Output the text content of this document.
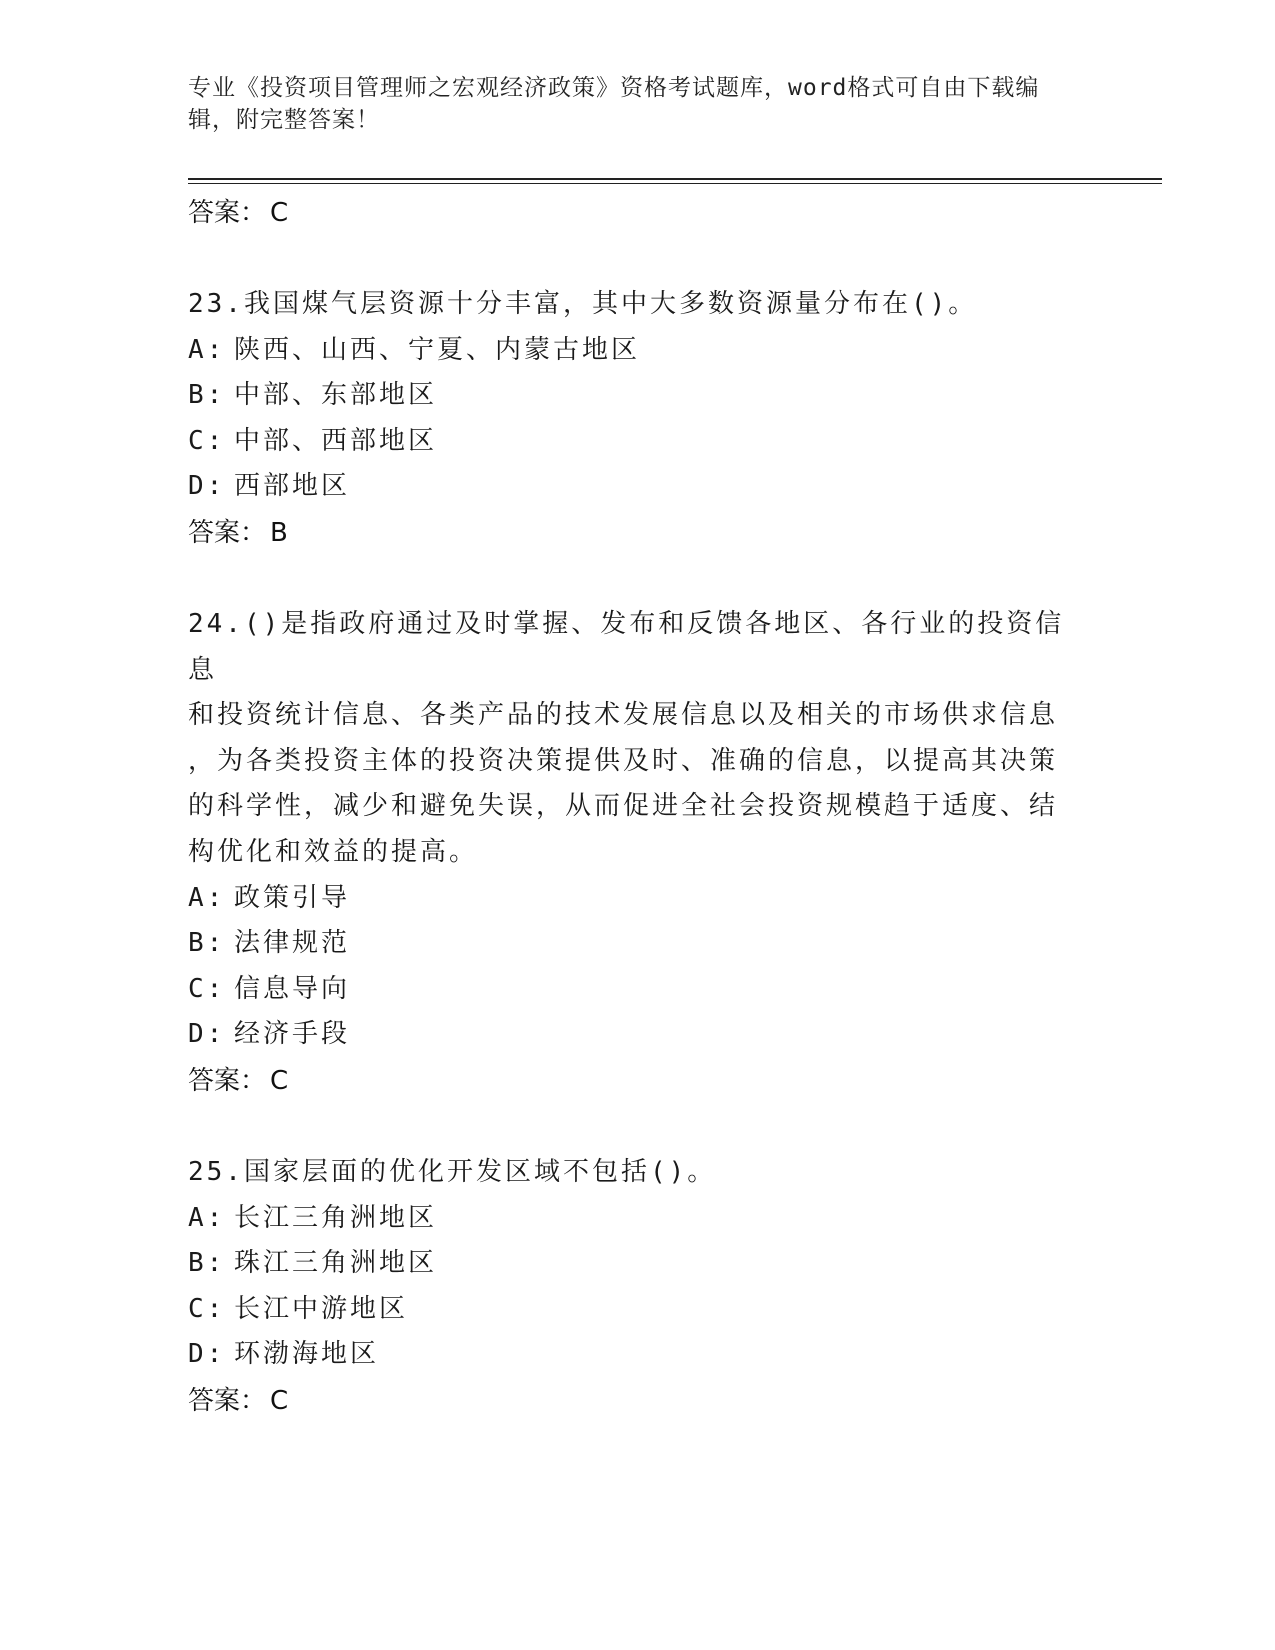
专业《投资项目管理师之宏观经济政策》资格考试题库，word格式可自由下载编
辑，附完整答案！
答案： C
23.我国煤气层资源十分丰富，其中大多数资源量分布在()。
A: 陕西、山西、宁夏、内蒙古地区
B: 中部、东部地区
C: 中部、西部地区
D: 西部地区
答案： B
24.()是指政府通过及时掌握、发布和反馈各地区、各行业的投资信息
和投资统计信息、各类产品的技术发展信息以及相关的市场供求信息
，为各类投资主体的投资决策提供及时、准确的信息，以提高其决策
的科学性，减少和避免失误，从而促进全社会投资规模趋于适度、结
构优化和效益的提高。
A: 政策引导
B: 法律规范
C: 信息导向
D: 经济手段
答案： C
25.国家层面的优化开发区域不包括()。
A: 长江三角洲地区
B: 珠江三角洲地区
C: 长江中游地区
D: 环渤海地区
答案： C
